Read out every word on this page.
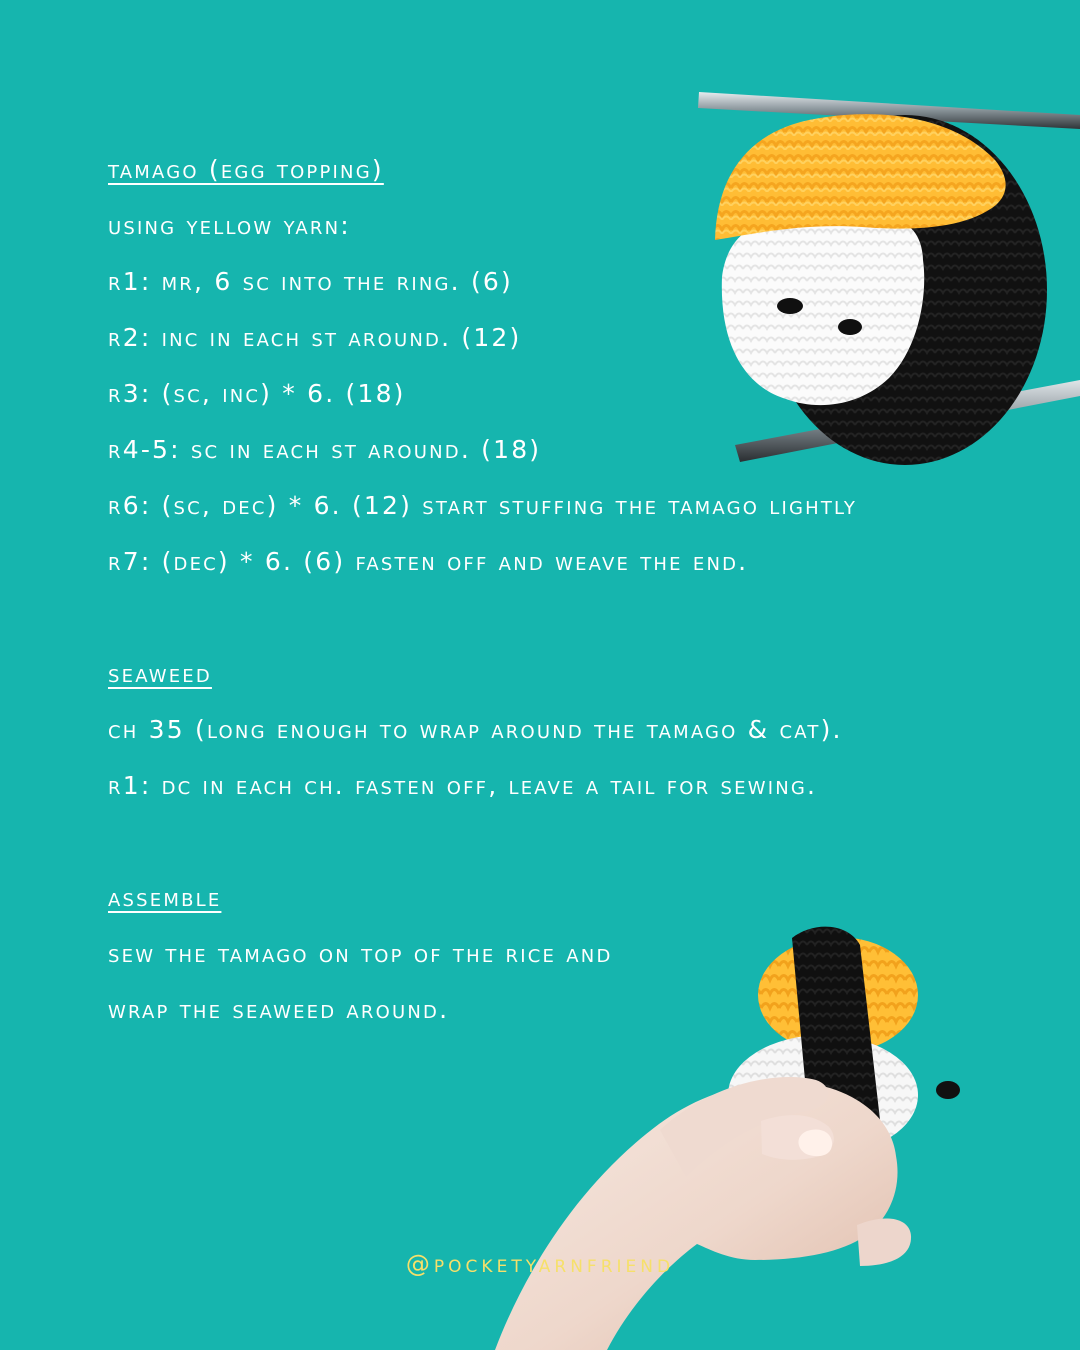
tamago (egg topping)
using yellow yarn:
r1: mr, 6 sc into the ring. (6)
r2: inc in each st around. (12)
r3: (sc, inc) * 6. (18)
r4-5: sc in each st around. (18)
r6: (sc, dec) * 6. (12) start stuffing the tamago lightly
r7: (dec) * 6. (6) fasten off and weave the end.
seaweed
ch 35 (long enough to wrap around the tamago & cat).
r1: dc in each ch. fasten off, leave a tail for sewing.
assemble
sew the tamago on top of the rice and
wrap the seaweed around.
@pocketyarnfriend
